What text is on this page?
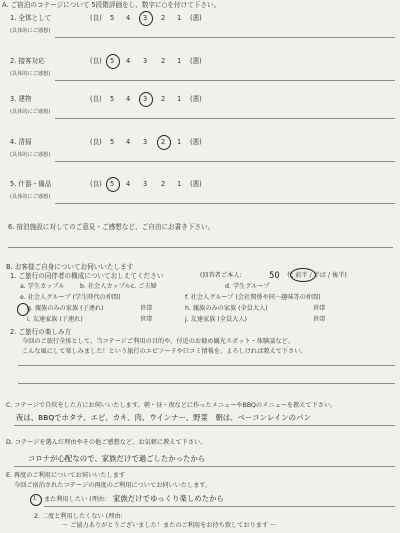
A. ご宿泊のコテージについて 5段階評価をし、数字に○を付けて下さい。
1. 全体として	(良) 5 4 3 2 1 (悪)
(具体的にご感想)
2. 接客対応	(良) 5 4 3 2 1 (悪)
(具体的にご感想)
3. 建物	(良) 5 4 3 2 1 (悪)
(具体的にご感想)
4. 清掃	(良) 5 4 3 2 1 (悪)
(具体的にご感想)
5. 什器・備品	(良) 5 4 3 2 1 (悪)
(具体的にご感想)
6. 宿泊施設に対してのご意見・ご感想など、ご自由にお書き下さい。
B. お客様ご自身についてお伺いいたします
1. ご旅行の同伴者の構成についておしえてください	(回答者ご本人:	50 代 前半 / 半ば / 後半)
a. 学生カップル b. 社会人カップルc. ご夫婦	d. 学生グループ
e. 社会人グループ (学生時代の仲間)	f. 社会人グループ (会社関係や同一趣味等の仲間)
g. 親族のみの家族 (子連れ)	世帯	h. 親族のみの家族 (全員大人)	世帯
i. 友達家族 (子連れ)	世帯	j. 友達家族 (全員大人)	世帯
2. ご旅行の楽しみ方
今回のご旅行全体として、当コテージご利用の目的や、付近のお勧め観光スポット・体験談など、
こんな風にして楽しみました！という旅行のエピソードや口コミ情報を、よろしければ教えて下さい。
C. コテージで自炊をした方にお伺いいたします。朝・昼・夜などに作ったメニューやBBQのメニューを教えて下さい。
夜は、BBQでホタテ、エビ、カキ、肉、ウインナー、野菜　朝は、ベーコンレインのパン
D. コテージを選んだ理由やその他ご感想など、お気軽に教えて下さい。
コロナが心配なので、家族だけで過ごしたかったから
E. 再度のご利用についてお伺いいたします
今回ご宿泊されたコテージの再度のご利用についてお伺いいたします。
1 また利用したい (理由: 家族だけでゆっくり楽しめたから
2. 二度と利用したくない (理由:
～ ご協力ありがとうございました！またのご利用をお待ち致しております ～
